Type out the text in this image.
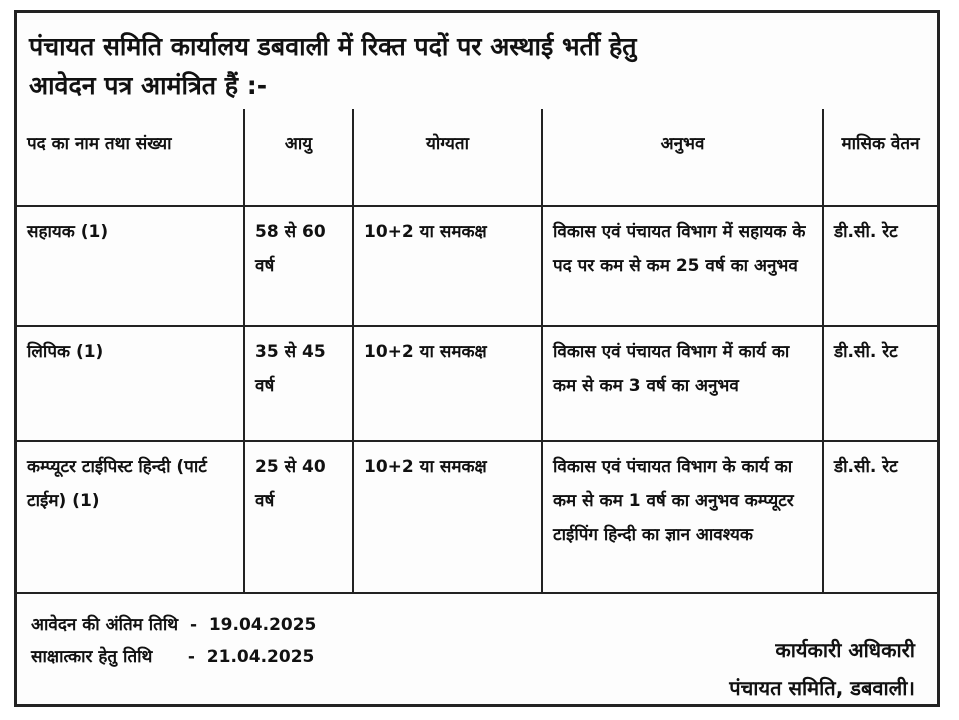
पंचायत समिति कार्यालय डबवाली में रिक्त पदों पर अस्थाई भर्ती हेतु
आवेदन पत्र आमंत्रित हैं :-
पद का नाम तथा संख्या	आयु	योग्यता	अनुभव	मासिक वेतन
सहायक (1)	58 से 60 वर्ष	10+2 या समकक्ष	विकास एवं पंचायत विभाग में सहायक के पद पर कम से कम 25 वर्ष का अनुभव	डी.सी. रेट
लिपिक (1)	35 से 45 वर्ष	10+2 या समकक्ष	विकास एवं पंचायत विभाग में कार्य का कम से कम 3 वर्ष का अनुभव	डी.सी. रेट
कम्प्यूटर टाईपिस्ट हिन्दी (पार्ट टाईम) (1)	25 से 40 वर्ष	10+2 या समकक्ष	विकास एवं पंचायत विभाग के कार्य का कम से कम 1 वर्ष का अनुभव कम्प्यूटर टाईपिंग हिन्दी का ज्ञान आवश्यक	डी.सी. रेट
आवेदन की अंतिम तिथि  -  19.04.2025
साक्षात्कार हेतु तिथि      -  21.04.2025	कार्यकारी अधिकारी
पंचायत समिति, डबवाली।
